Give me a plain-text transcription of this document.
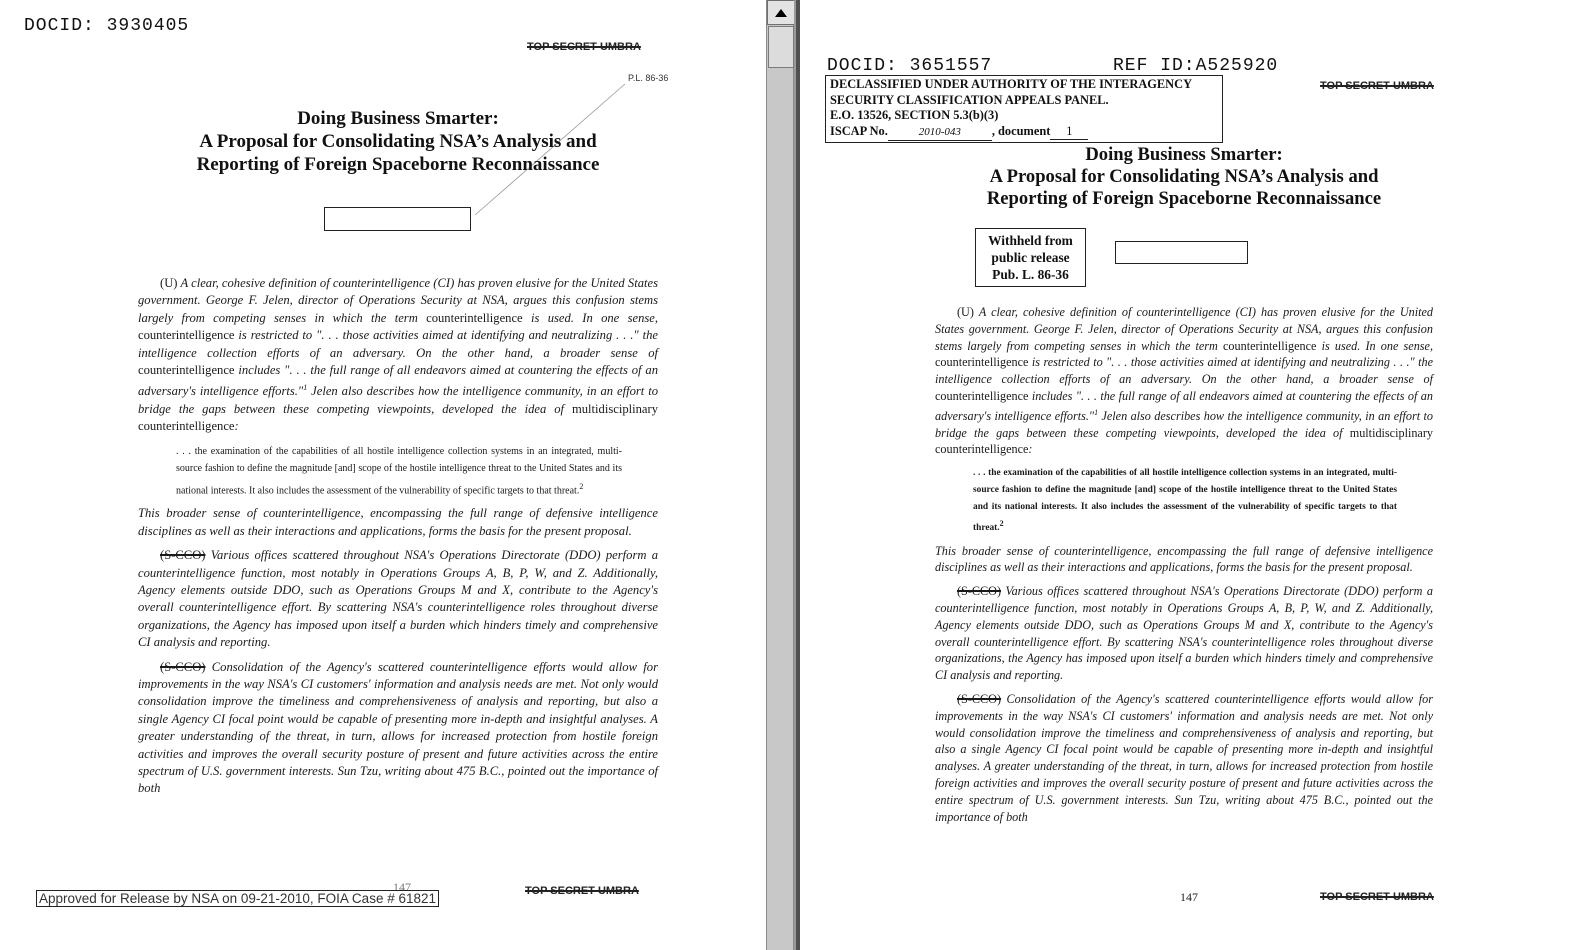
DOCID: 3930405
TOP SECRET UMBRA
P.L. 86-36
Doing Business Smarter:
A Proposal for Consolidating NSA’s Analysis and
Reporting of Foreign Spaceborne Reconnaissance

(U) A clear, cohesive definition of counterintelligence (CI) has proven elusive for the United States government. George F. Jelen, director of Operations Security at NSA, argues this confusion stems largely from competing senses in which the term counterintelligence is used. In one sense, counterintelligence is restricted to ". . . those activities aimed at identifying and neutralizing . . ." the intelligence collection efforts of an adversary. On the other hand, a broader sense of counterintelligence includes ". . . the full range of all endeavors aimed at countering the effects of an adversary's intelligence efforts."$^1$ Jelen also describes how the intelligence community, in an effort to bridge the gaps between these competing viewpoints, developed the idea of multidisciplinary counterintelligence:

. . . the examination of the capabilities of all hostile intelligence collection systems in an integrated, multi-source fashion to define the magnitude [and] scope of the hostile intelligence threat to the United States and its national interests. It also includes the assessment of the vulnerability of specific targets to that threat.$^2$

This broader sense of counterintelligence, encompassing the full range of defensive intelligence disciplines as well as their interactions and applications, forms the basis for the present proposal.

(S-CCO) Various offices scattered throughout NSA's Operations Directorate (DDO) perform a counterintelligence function, most notably in Operations Groups A, B, P, W, and Z. Additionally, Agency elements outside DDO, such as Operations Groups M and X, contribute to the Agency's overall counterintelligence effort. By scattering NSA's counterintelligence roles throughout diverse organizations, the Agency has imposed upon itself a burden which hinders timely and comprehensive CI analysis and reporting.

(S-CCO) Consolidation of the Agency's scattered counterintelligence efforts would allow for improvements in the way NSA's CI customers' information and analysis needs are met. Not only would consolidation improve the timeliness and comprehensiveness of analysis and reporting, but also a single Agency CI focal point would be capable of presenting more in-depth and insightful analyses. A greater understanding of the threat, in turn, allows for increased protection from hostile foreign activities and improves the overall security posture of present and future activities across the entire spectrum of U.S. government interests. Sun Tzu, writing about 475 B.C., pointed out the importance of both

147
Approved for Release by NSA on 09-21-2010, FOIA Case # 61821	TOP SECRET UMBRA
DOCID: 3651557	REF ID:A525920
TOP SECRET UMBRA
DECLASSIFIED UNDER AUTHORITY OF THE INTERAGENCY
SECURITY CLASSIFICATION APPEALS PANEL.
E.O. 13526, SECTION 5.3(b)(3)
ISCAP No.	2010-043 , document 1
Doing Business Smarter:
A Proposal for Consolidating NSA’s Analysis and
Reporting of Foreign Spaceborne Reconnaissance
Withheld from
public release
Pub. L. 86-36

(U) A clear, cohesive definition of counterintelligence (CI) has proven elusive for the United States government. George F. Jelen, director of Operations Security at NSA, argues this confusion stems largely from competing senses in which the term counterintelligence is used. In one sense, counterintelligence is restricted to ". . . those activities aimed at identifying and neutralizing . . ." the intelligence collection efforts of an adversary. On the other hand, a broader sense of counterintelligence includes ". . . the full range of all endeavors aimed at countering the effects of an adversary's intelligence efforts."$^1$ Jelen also describes how the intelligence community, in an effort to bridge the gaps between these competing viewpoints, developed the idea of multidisciplinary counterintelligence:

. . . the examination of the capabilities of all hostile intelligence collection systems in an integrated, multi-source fashion to define the magnitude [and] scope of the hostile intelligence threat to the United States and its national interests. It also includes the assessment of the vulnerability of specific targets to that threat.2

This broader sense of counterintelligence, encompassing the full range of defensive intelligence disciplines as well as their interactions and applications, forms the basis for the present proposal.

(S-CCO) Various offices scattered throughout NSA's Operations Directorate (DDO) perform a counterintelligence function, most notably in Operations Groups A, B, P, W, and Z. Additionally, Agency elements outside DDO, such as Operations Groups M and X, contribute to the Agency's overall counterintelligence effort. By scattering NSA's counterintelligence roles throughout diverse organizations, the Agency has imposed upon itself a burden which hinders timely and comprehensive CI analysis and reporting.

(S-CCO) Consolidation of the Agency's scattered counterintelligence efforts would allow for improvements in the way NSA's CI customers' information and analysis needs are met. Not only would consolidation improve the timeliness and comprehensiveness of analysis and reporting, but also a single Agency CI focal point would be capable of presenting more in-depth and insightful analyses. A greater understanding of the threat, in turn, allows for increased protection from hostile foreign activities and improves the overall security posture of present and future activities across the entire spectrum of U.S. government interests. Sun Tzu, writing about 475 B.C., pointed out the importance of both

147	TOP SECRET UMBRA
